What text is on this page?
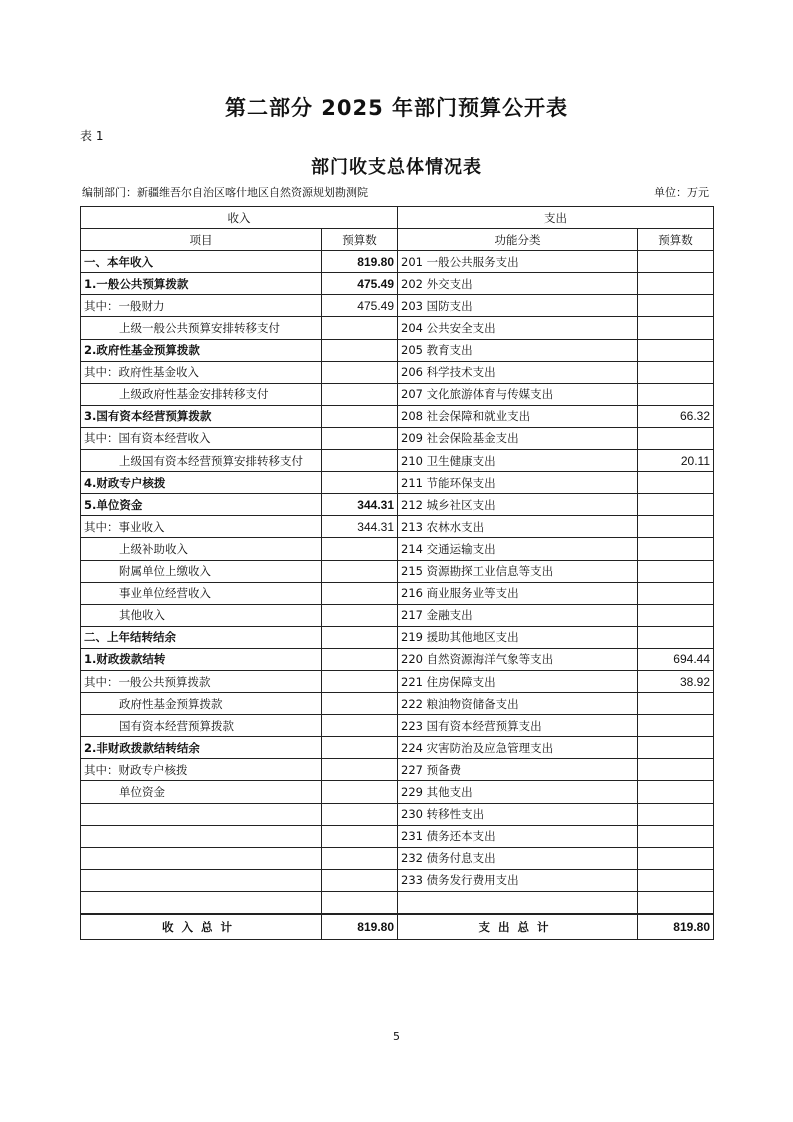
第二部分 2025 年部门预算公开表
表 1
部门收支总体情况表
编制部门：新疆维吾尔自治区喀什地区自然资源规划勘测院	单位：万元
收入		支出	
项目	预算数	功能分类	预算数
一、本年收入	819.80	201 一般公共服务支出	
1.一般公共预算拨款	475.49	202 外交支出	
其中：一般财力	475.49	203 国防支出	
上级一般公共预算安排转移支付		204 公共安全支出	
2.政府性基金预算拨款		205 教育支出	
其中：政府性基金收入		206 科学技术支出	
上级政府性基金安排转移支付		207 文化旅游体育与传媒支出	
3.国有资本经营预算拨款		208 社会保障和就业支出	66.32
其中：国有资本经营收入		209 社会保险基金支出	
上级国有资本经营预算安排转移支付		210 卫生健康支出	20.11
4.财政专户核拨		211 节能环保支出	
5.单位资金	344.31	212 城乡社区支出	
其中：事业收入	344.31	213 农林水支出	
上级补助收入		214 交通运输支出	
附属单位上缴收入		215 资源勘探工业信息等支出	
事业单位经营收入		216 商业服务业等支出	
其他收入		217 金融支出	
二、上年结转结余		219 援助其他地区支出	
1.财政拨款结转		220 自然资源海洋气象等支出	694.44
其中：一般公共预算拨款		221 住房保障支出	38.92
政府性基金预算拨款		222 粮油物资储备支出	
国有资本经营预算拨款		223 国有资本经营预算支出	
2.非财政拨款结转结余		224 灾害防治及应急管理支出	
其中：财政专户核拨		227 预备费	
单位资金		229 其他支出	
		230 转移性支出	
		231 债务还本支出	
		232 债务付息支出	
		233 债务发行费用支出	

收入总计	819.80	支出总计	819.80
5
